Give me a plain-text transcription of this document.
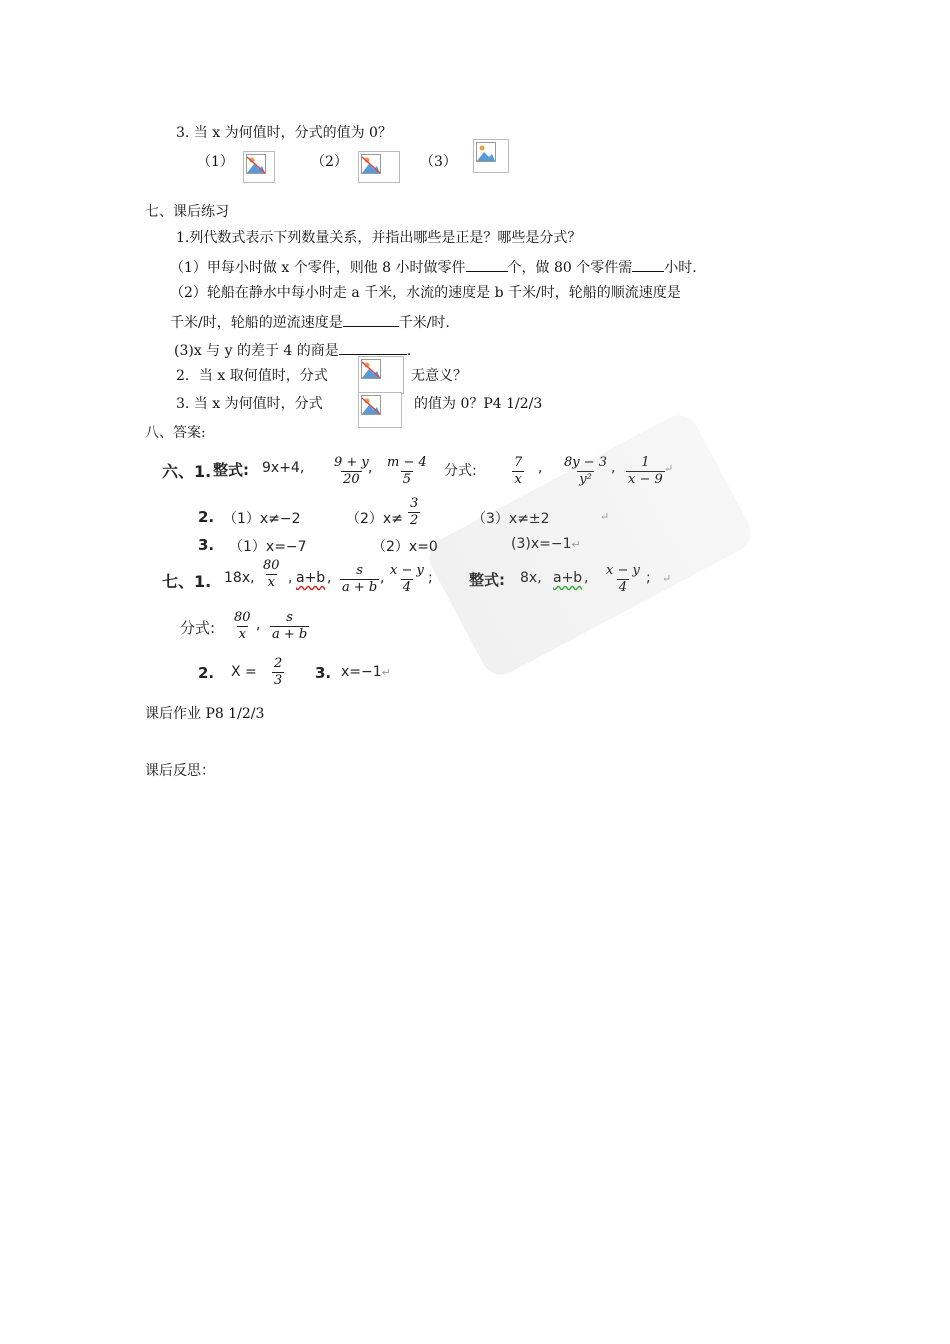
3. 当 x 为何值时，分式的值为 0？
（1）	（2）	（3）
七、课后练习
1.列代数式表示下列数量关系，并指出哪些是正是？哪些是分式？
（1）甲每小时做 x 个零件，则他 8 小时做零件	个，做 80 个零件需 小时.
（2）轮船在静水中每小时走 a 千米，水流的速度是 b 千米/时，轮船的顺流速度是
千米/时，轮船的逆流速度是	千米/时.
(3)x 与 y 的差于 4 的商是	.
2．当 x 取何值时，分式	无意义？
3. 当 x 为何值时，分式	的值为 0？P4 1/2/3
八、答案:
六、1. 整式: 9x+4, $\frac{9 + y}{20}$
, $\frac{m - 4}{5}$ 分式:	$\frac{7}{x}$ , $\frac{8y - 3}{\text{y²}}$ , $\frac{1}{x - 9}$ ↵
2. （1）x≠−2	$(2)x\ne \frac{3}{2}$	（3）x≠±2	↵
3. （1）x=−7	（2）x=0	(3)x=−1↵
七、1. 18x, $\frac{80}{x}$ , a+b , $\frac{s}{a + b}$ , $\frac{x - y}{4}$ ; 整式: 8x, a+b , $\frac{x - y}{4}$ ; ↵
分式: $\frac{80}{x}$ , $\frac{s}{a + b}$
2. $X = \frac{2}{3} 3$. x=−1↵
课后作业 P8 1/2/3
课后反思：
